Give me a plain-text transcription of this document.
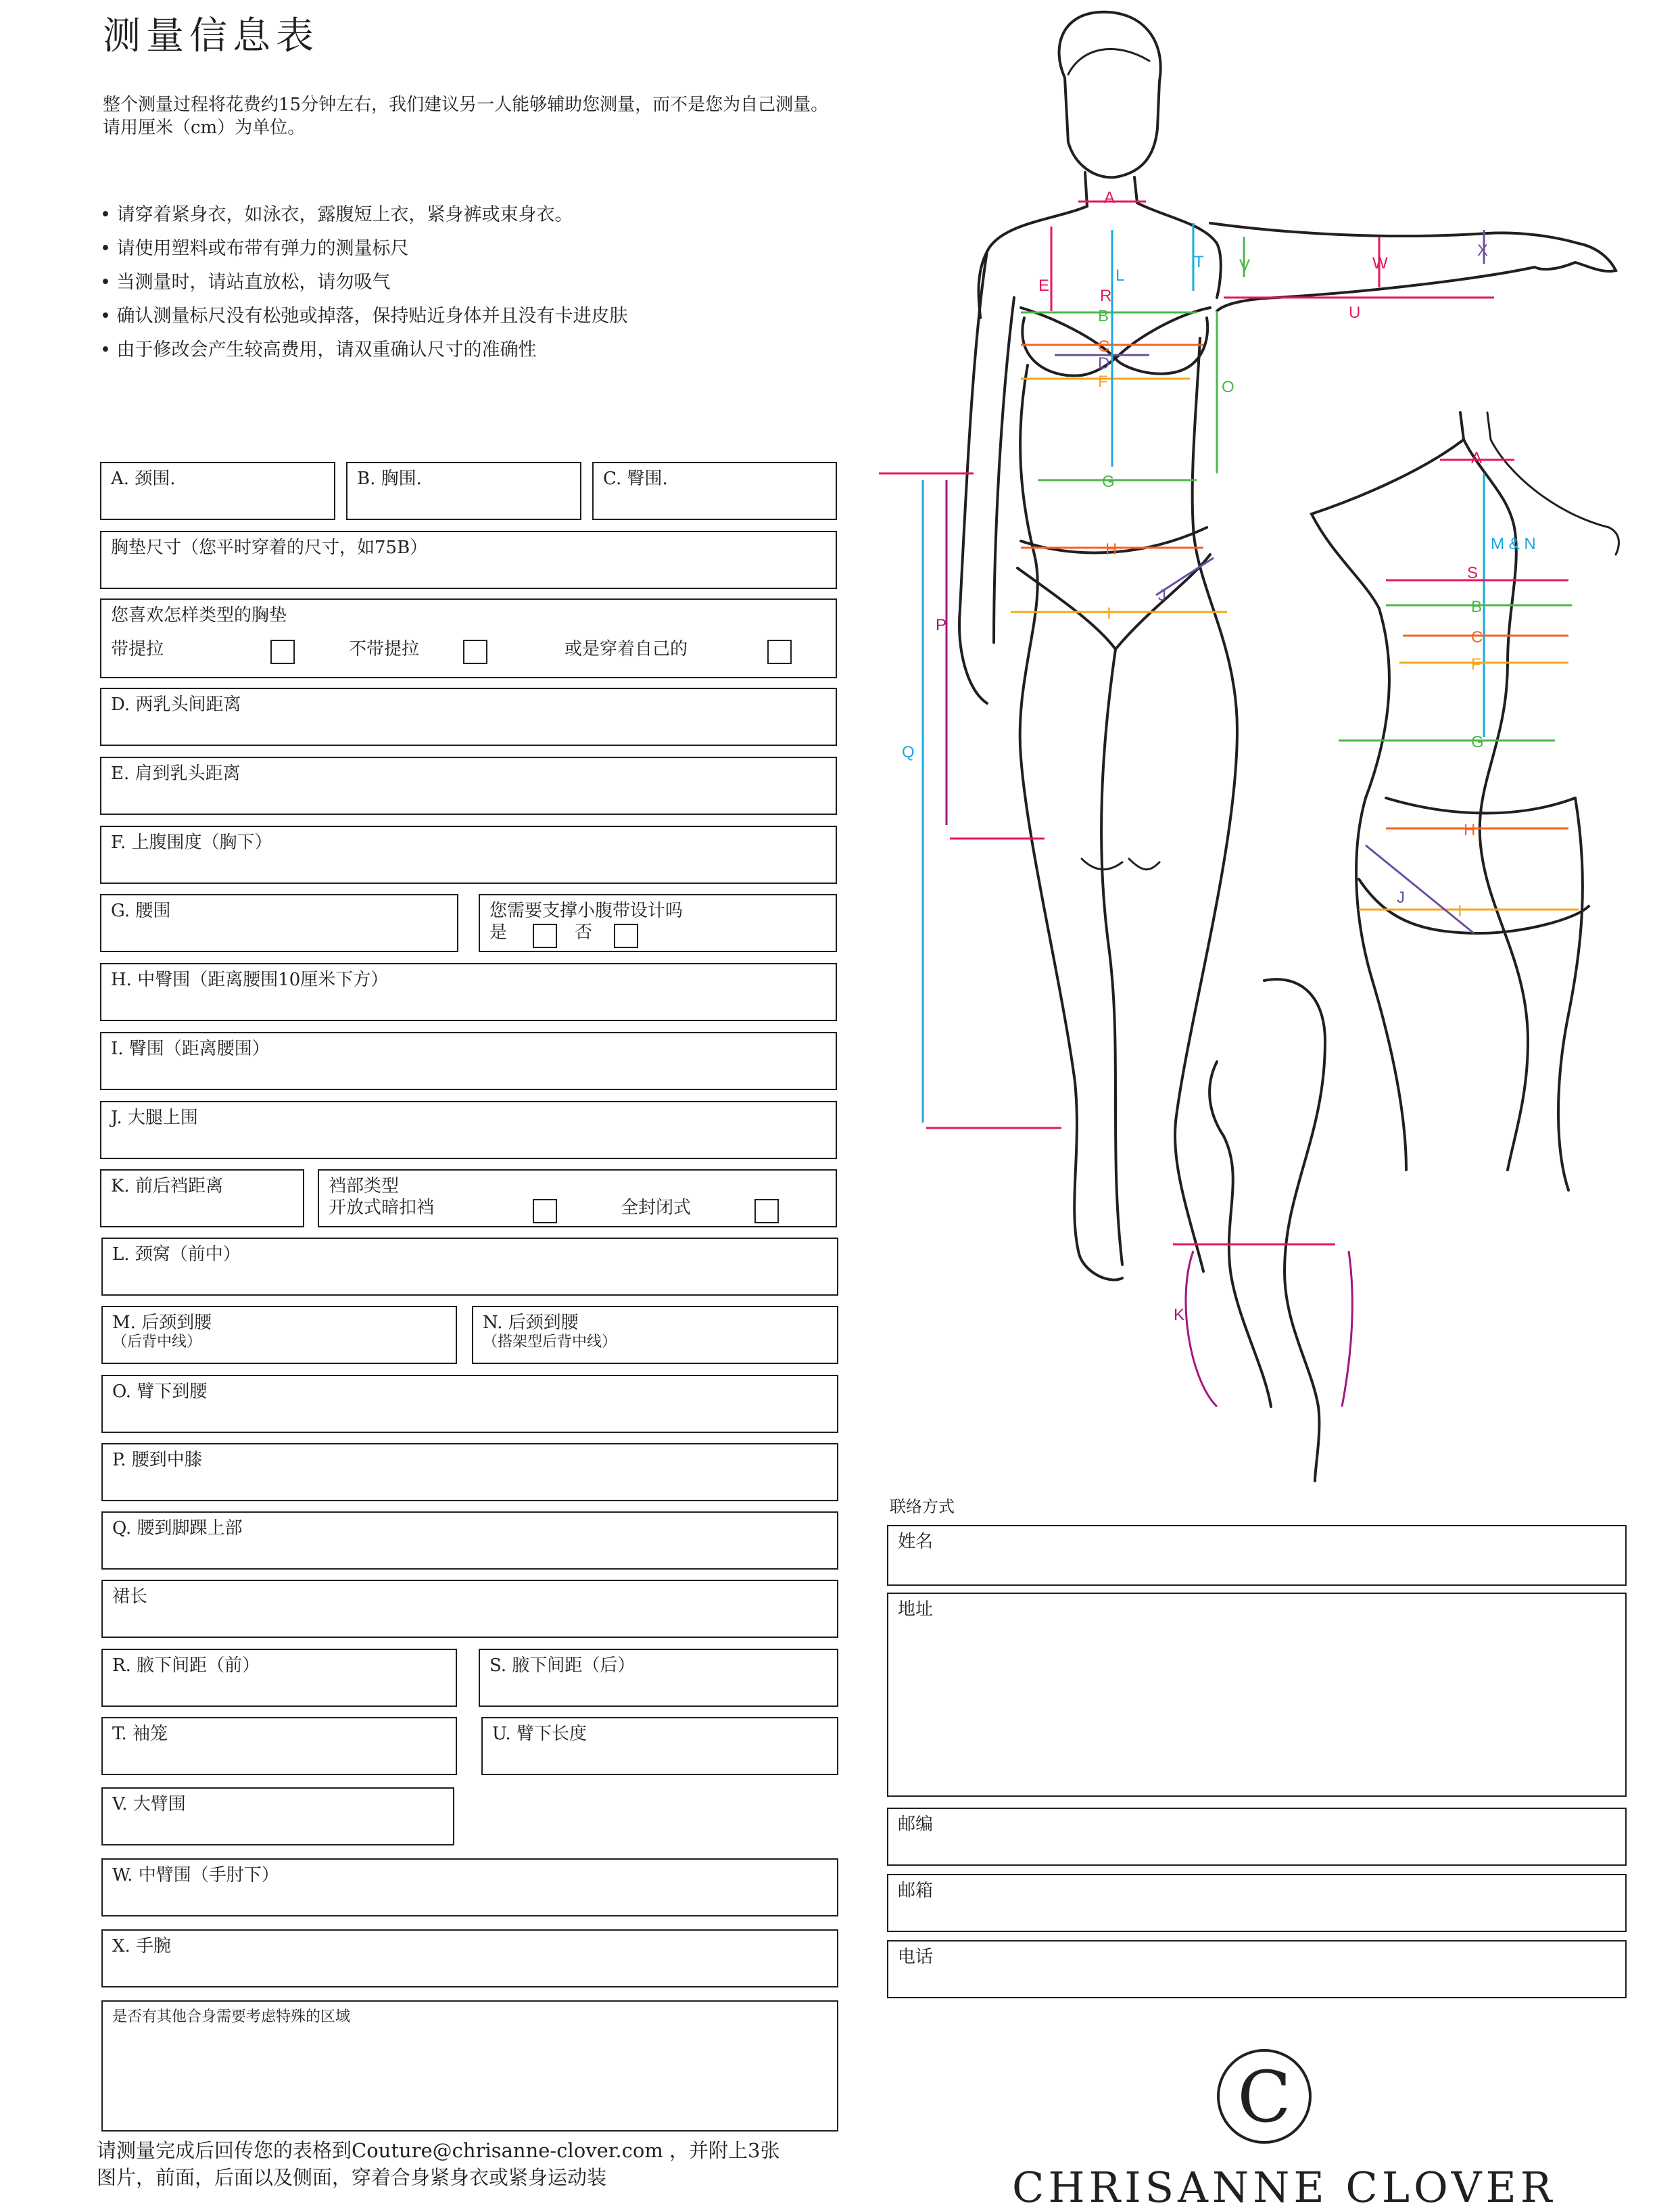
测量信息表

整个测量过程将花费约15分钟左右，我们建议另一人能够辅助您测量，而不是您为自己测量。

请用厘米（cm）为单位。

• 请穿着紧身衣，如泳衣，露腹短上衣，紧身裤或束身衣。
• 请使用塑料或布带有弹力的测量标尺
• 当测量时，请站直放松，请勿吸气
• 确认测量标尺没有松弛或掉落，保持贴近身体并且没有卡进皮肤
• 由于修改会产生较高费用，请双重确认尺寸的准确性
A. 颈围.	B. 胸围.	C. 臀围.
胸垫尺寸（您平时穿着的尺寸，如75B）
您喜欢怎样类型的胸垫
带提拉	不带提拉	或是穿着自己的
D. 两乳头间距离
E. 肩到乳头距离
F. 上腹围度（胸下）
G. 腰围	您需要支撑小腹带设计吗
是	否
H. 中臀围（距离腰围10厘米下方）
I. 臀围（距离腰围）
J. 大腿上围
K. 前后裆距离	裆部类型
开放式暗扣裆	全封闭式
L. 颈窝（前中）
M. 后颈到腰
（后背中线）
N. 后颈到腰
（搭架型后背中线）
O. 臂下到腰
P. 腰到中膝
Q. 腰到脚踝上部
裙长
R. 腋下间距（前）	S. 腋下间距（后）
T. 袖笼	U. 臂下长度
V. 大臂围
W. 中臂围（手肘下）
X. 手腕
是否有其他合身需要考虑特殊的区域
请测量完成后回传您的表格到Couture@chrisanne-clover.com ，并附上3张
图片，前面，后面以及侧面，穿着合身紧身衣或紧身运动装
联络方式
姓名
地址
邮编
邮箱
电话
A
A
B
B
C
C
D
E
F
F
G
G
H
H
I
I
J
J
K
L
M & N
O
P
Q
R
S
T
U
V	W
X
C
CHRISANNE CLOVER
